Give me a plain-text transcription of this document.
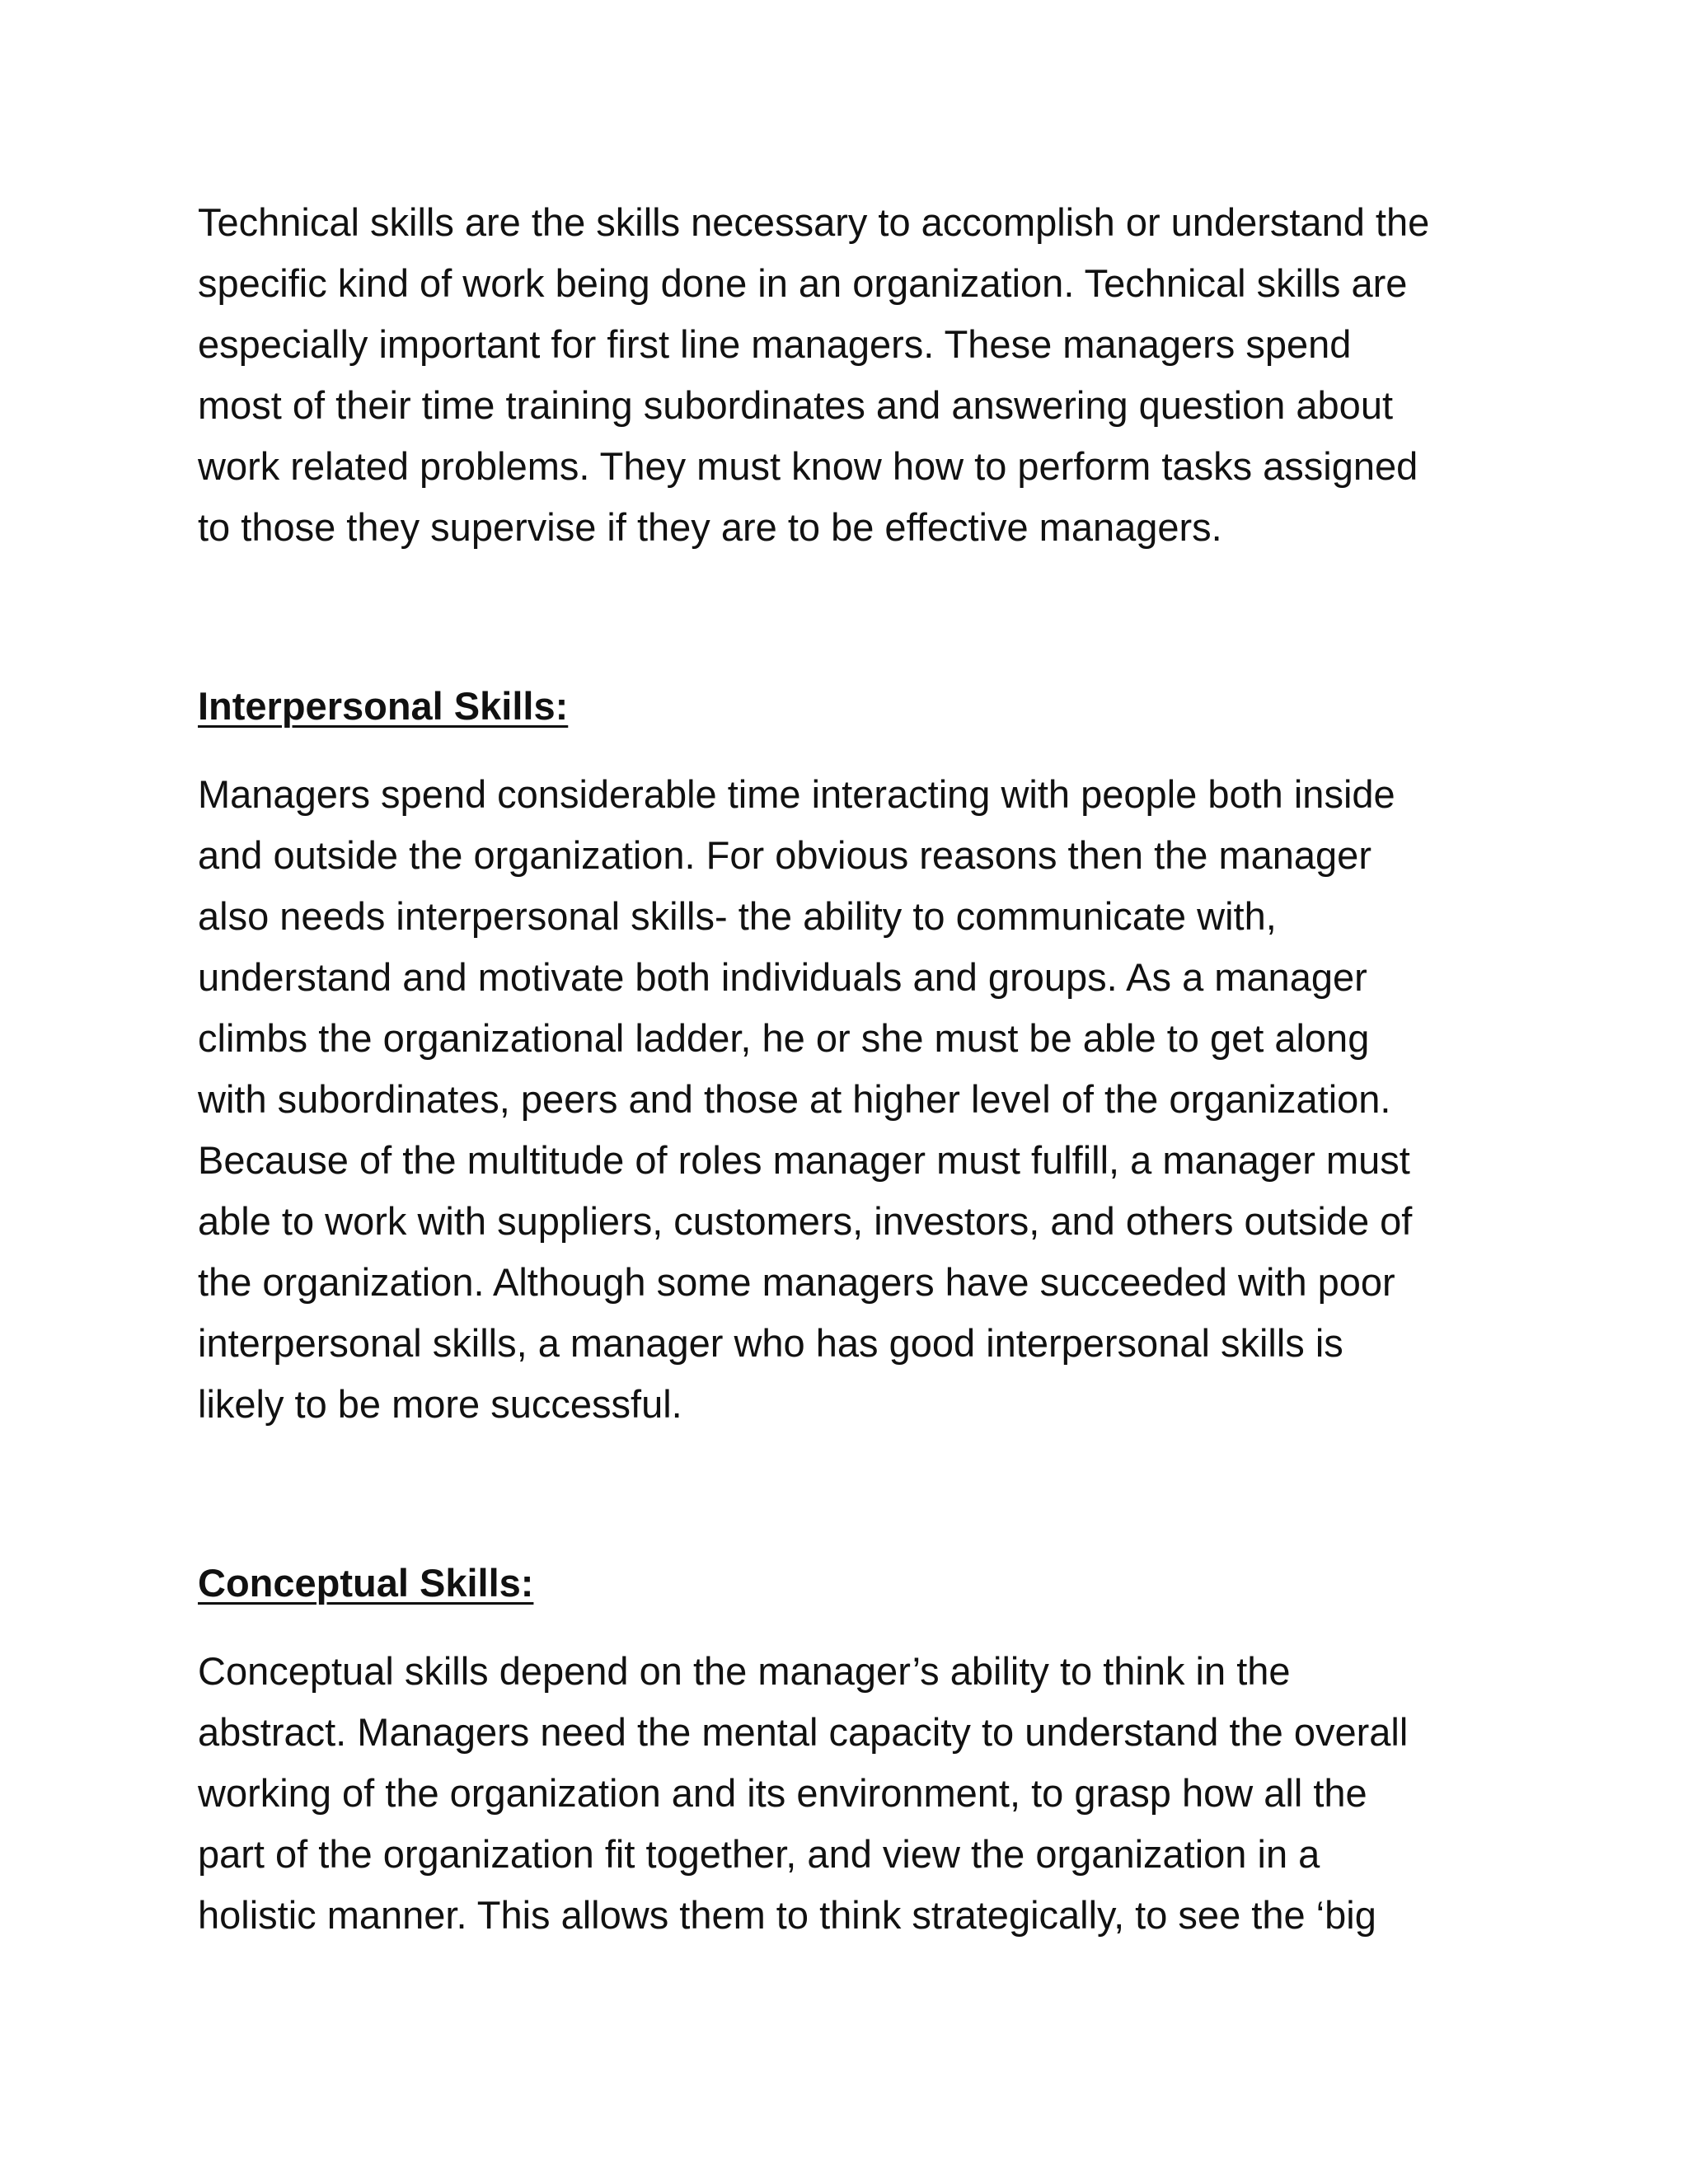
Technical skills are the skills necessary to accomplish or understand the

specific kind of work being done in an organization. Technical skills are

especially important for first line managers. These managers spend

most of their time training subordinates and answering question about

work related problems. They must know how to perform tasks assigned

to those they supervise if they are to be effective managers.

Interpersonal Skills:

Managers spend considerable time interacting with people both inside

and outside the organization. For obvious reasons then the manager

also needs interpersonal skills- the ability to communicate with,

understand and motivate both individuals and groups. As a manager

climbs the organizational ladder, he or she must be able to get along

with subordinates, peers and those at higher level of the organization.

Because of the multitude of roles manager must fulfill, a manager must

able to work with suppliers, customers, investors, and others outside of

the organization. Although some managers have succeeded with poor

interpersonal skills, a manager who has good interpersonal skills is

likely to be more successful.

Conceptual Skills:

Conceptual skills depend on the manager’s ability to think in the

abstract. Managers need the mental capacity to understand the overall

working of the organization and its environment, to grasp how all the

part of the organization fit together, and view the organization in a

holistic manner. This allows them to think strategically, to see the ‘big
